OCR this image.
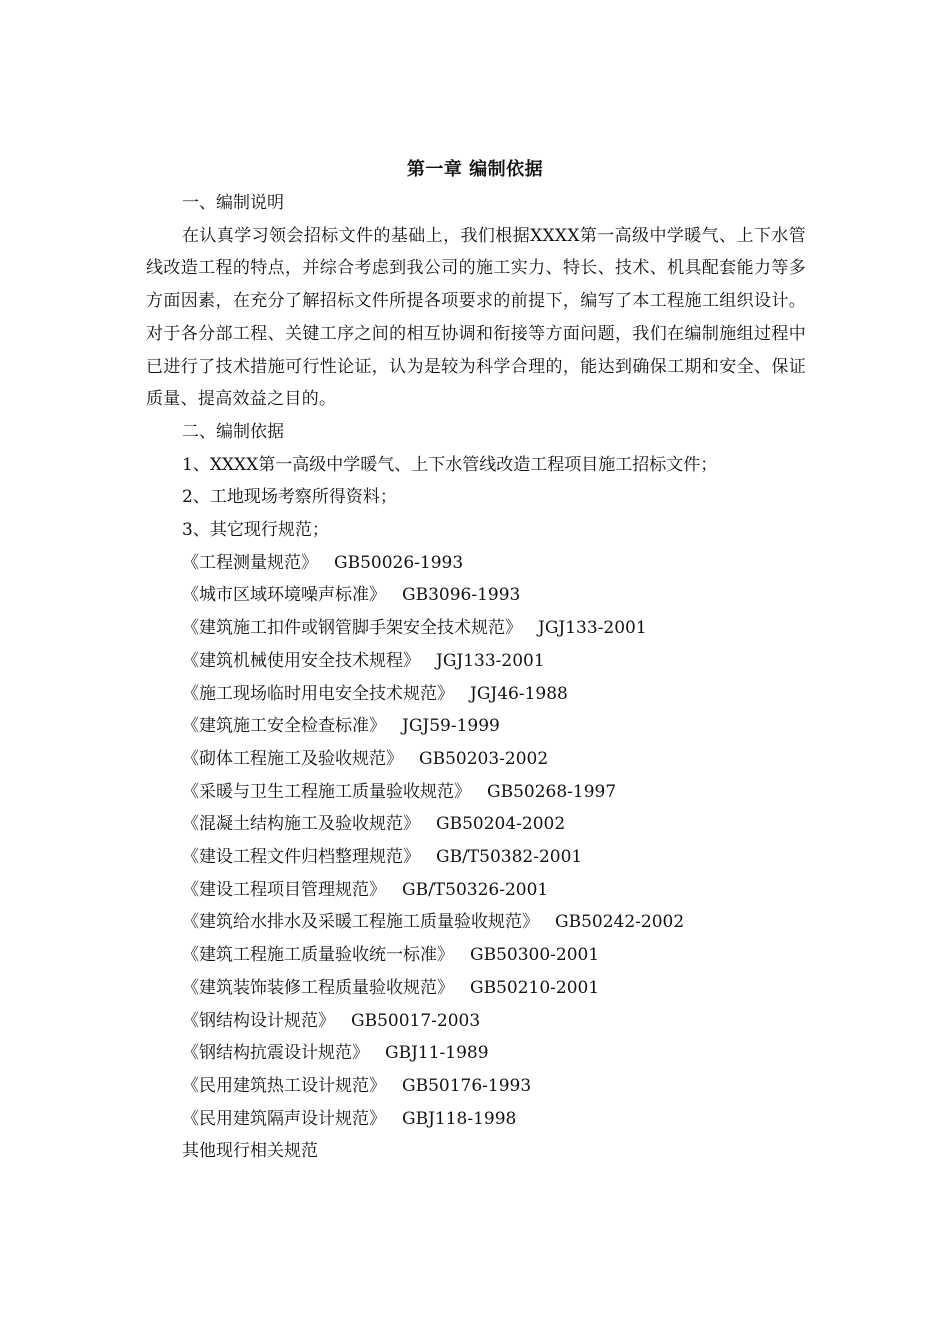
第一章 编制依据
一、编制说明
在认真学习领会招标文件的基础上，我们根据XXXX第一高级中学暖气、上下水管线改造工程的特点，并综合考虑到我公司的施工实力、特长、技术、机具配套能力等多方面因素，在充分了解招标文件所提各项要求的前提下，编写了本工程施工组织设计。对于各分部工程、关键工序之间的相互协调和衔接等方面问题，我们在编制施组过程中已进行了技术措施可行性论证，认为是较为科学合理的，能达到确保工期和安全、保证质量、提高效益之目的。
二、编制依据
1、XXXX第一高级中学暖气、上下水管线改造工程项目施工招标文件；
2、工地现场考察所得资料；
3、其它现行规范；
《工程测量规范》 GB50026-1993
《城市区域环境噪声标准》 GB3096-1993
《建筑施工扣件或钢管脚手架安全技术规范》 JGJ133-2001
《建筑机械使用安全技术规程》 JGJ133-2001
《施工现场临时用电安全技术规范》 JGJ46-1988
《建筑施工安全检查标准》 JGJ59-1999
《砌体工程施工及验收规范》 GB50203-2002
《采暖与卫生工程施工质量验收规范》 GB50268-1997
《混凝土结构施工及验收规范》 GB50204-2002
《建设工程文件归档整理规范》 GB/T50382-2001
《建设工程项目管理规范》 GB/T50326-2001
《建筑给水排水及采暖工程施工质量验收规范》 GB50242-2002
《建筑工程施工质量验收统一标准》 GB50300-2001
《建筑装饰装修工程质量验收规范》 GB50210-2001
《钢结构设计规范》 GB50017-2003
《钢结构抗震设计规范》 GBJ11-1989
《民用建筑热工设计规范》 GB50176-1993
《民用建筑隔声设计规范》 GBJ118-1998
其他现行相关规范
